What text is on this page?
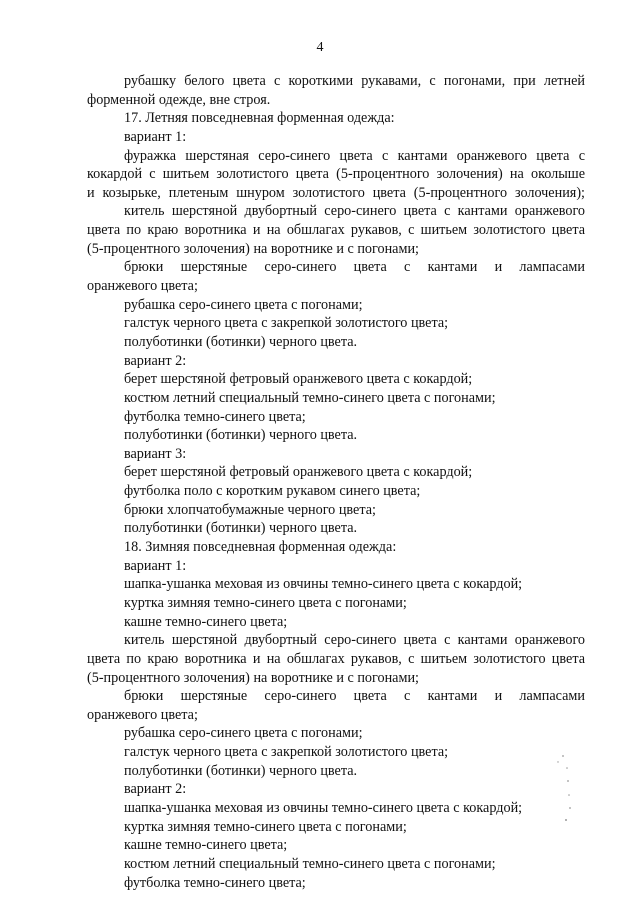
4
рубашку белого цвета с короткими рукавами, с погонами, при летней
форменной одежде, вне строя.
17. Летняя повседневная форменная одежда:
вариант 1:
фуражка шерстяная серо-синего цвета с кантами оранжевого цвета с
кокардой с шитьем золотистого цвета (5-процентного золочения) на околыше
и козырьке, плетеным шнуром золотистого цвета (5-процентного золочения);
китель шерстяной двубортный серо-синего цвета с кантами оранжевого
цвета по краю воротника и на обшлагах рукавов, с шитьем золотистого цвета
(5-процентного золочения) на воротнике и с погонами;
брюки шерстяные серо-синего цвета с кантами и лампасами
оранжевого цвета;
рубашка серо-синего цвета с погонами;
галстук черного цвета с закрепкой золотистого цвета;
полуботинки (ботинки) черного цвета.
вариант 2:
берет шерстяной фетровый оранжевого цвета с кокардой;
костюм летний специальный темно-синего цвета с погонами;
футболка темно-синего цвета;
полуботинки (ботинки) черного цвета.
вариант 3:
берет шерстяной фетровый оранжевого цвета с кокардой;
футболка поло с коротким рукавом синего цвета;
брюки хлопчатобумажные черного цвета;
полуботинки (ботинки) черного цвета.
18. Зимняя повседневная форменная одежда:
вариант 1:
шапка-ушанка меховая из овчины темно-синего цвета с кокардой;
куртка зимняя темно-синего цвета с погонами;
кашне темно-синего цвета;
китель шерстяной двубортный серо-синего цвета с кантами оранжевого
цвета по краю воротника и на обшлагах рукавов, с шитьем золотистого цвета
(5-процентного золочения) на воротнике и с погонами;
брюки шерстяные серо-синего цвета с кантами и лампасами
оранжевого цвета;
рубашка серо-синего цвета с погонами;
галстук черного цвета с закрепкой золотистого цвета;
полуботинки (ботинки) черного цвета.
вариант 2:
шапка-ушанка меховая из овчины темно-синего цвета с кокардой;
куртка зимняя темно-синего цвета с погонами;
кашне темно-синего цвета;
костюм летний специальный темно-синего цвета с погонами;
футболка темно-синего цвета;
